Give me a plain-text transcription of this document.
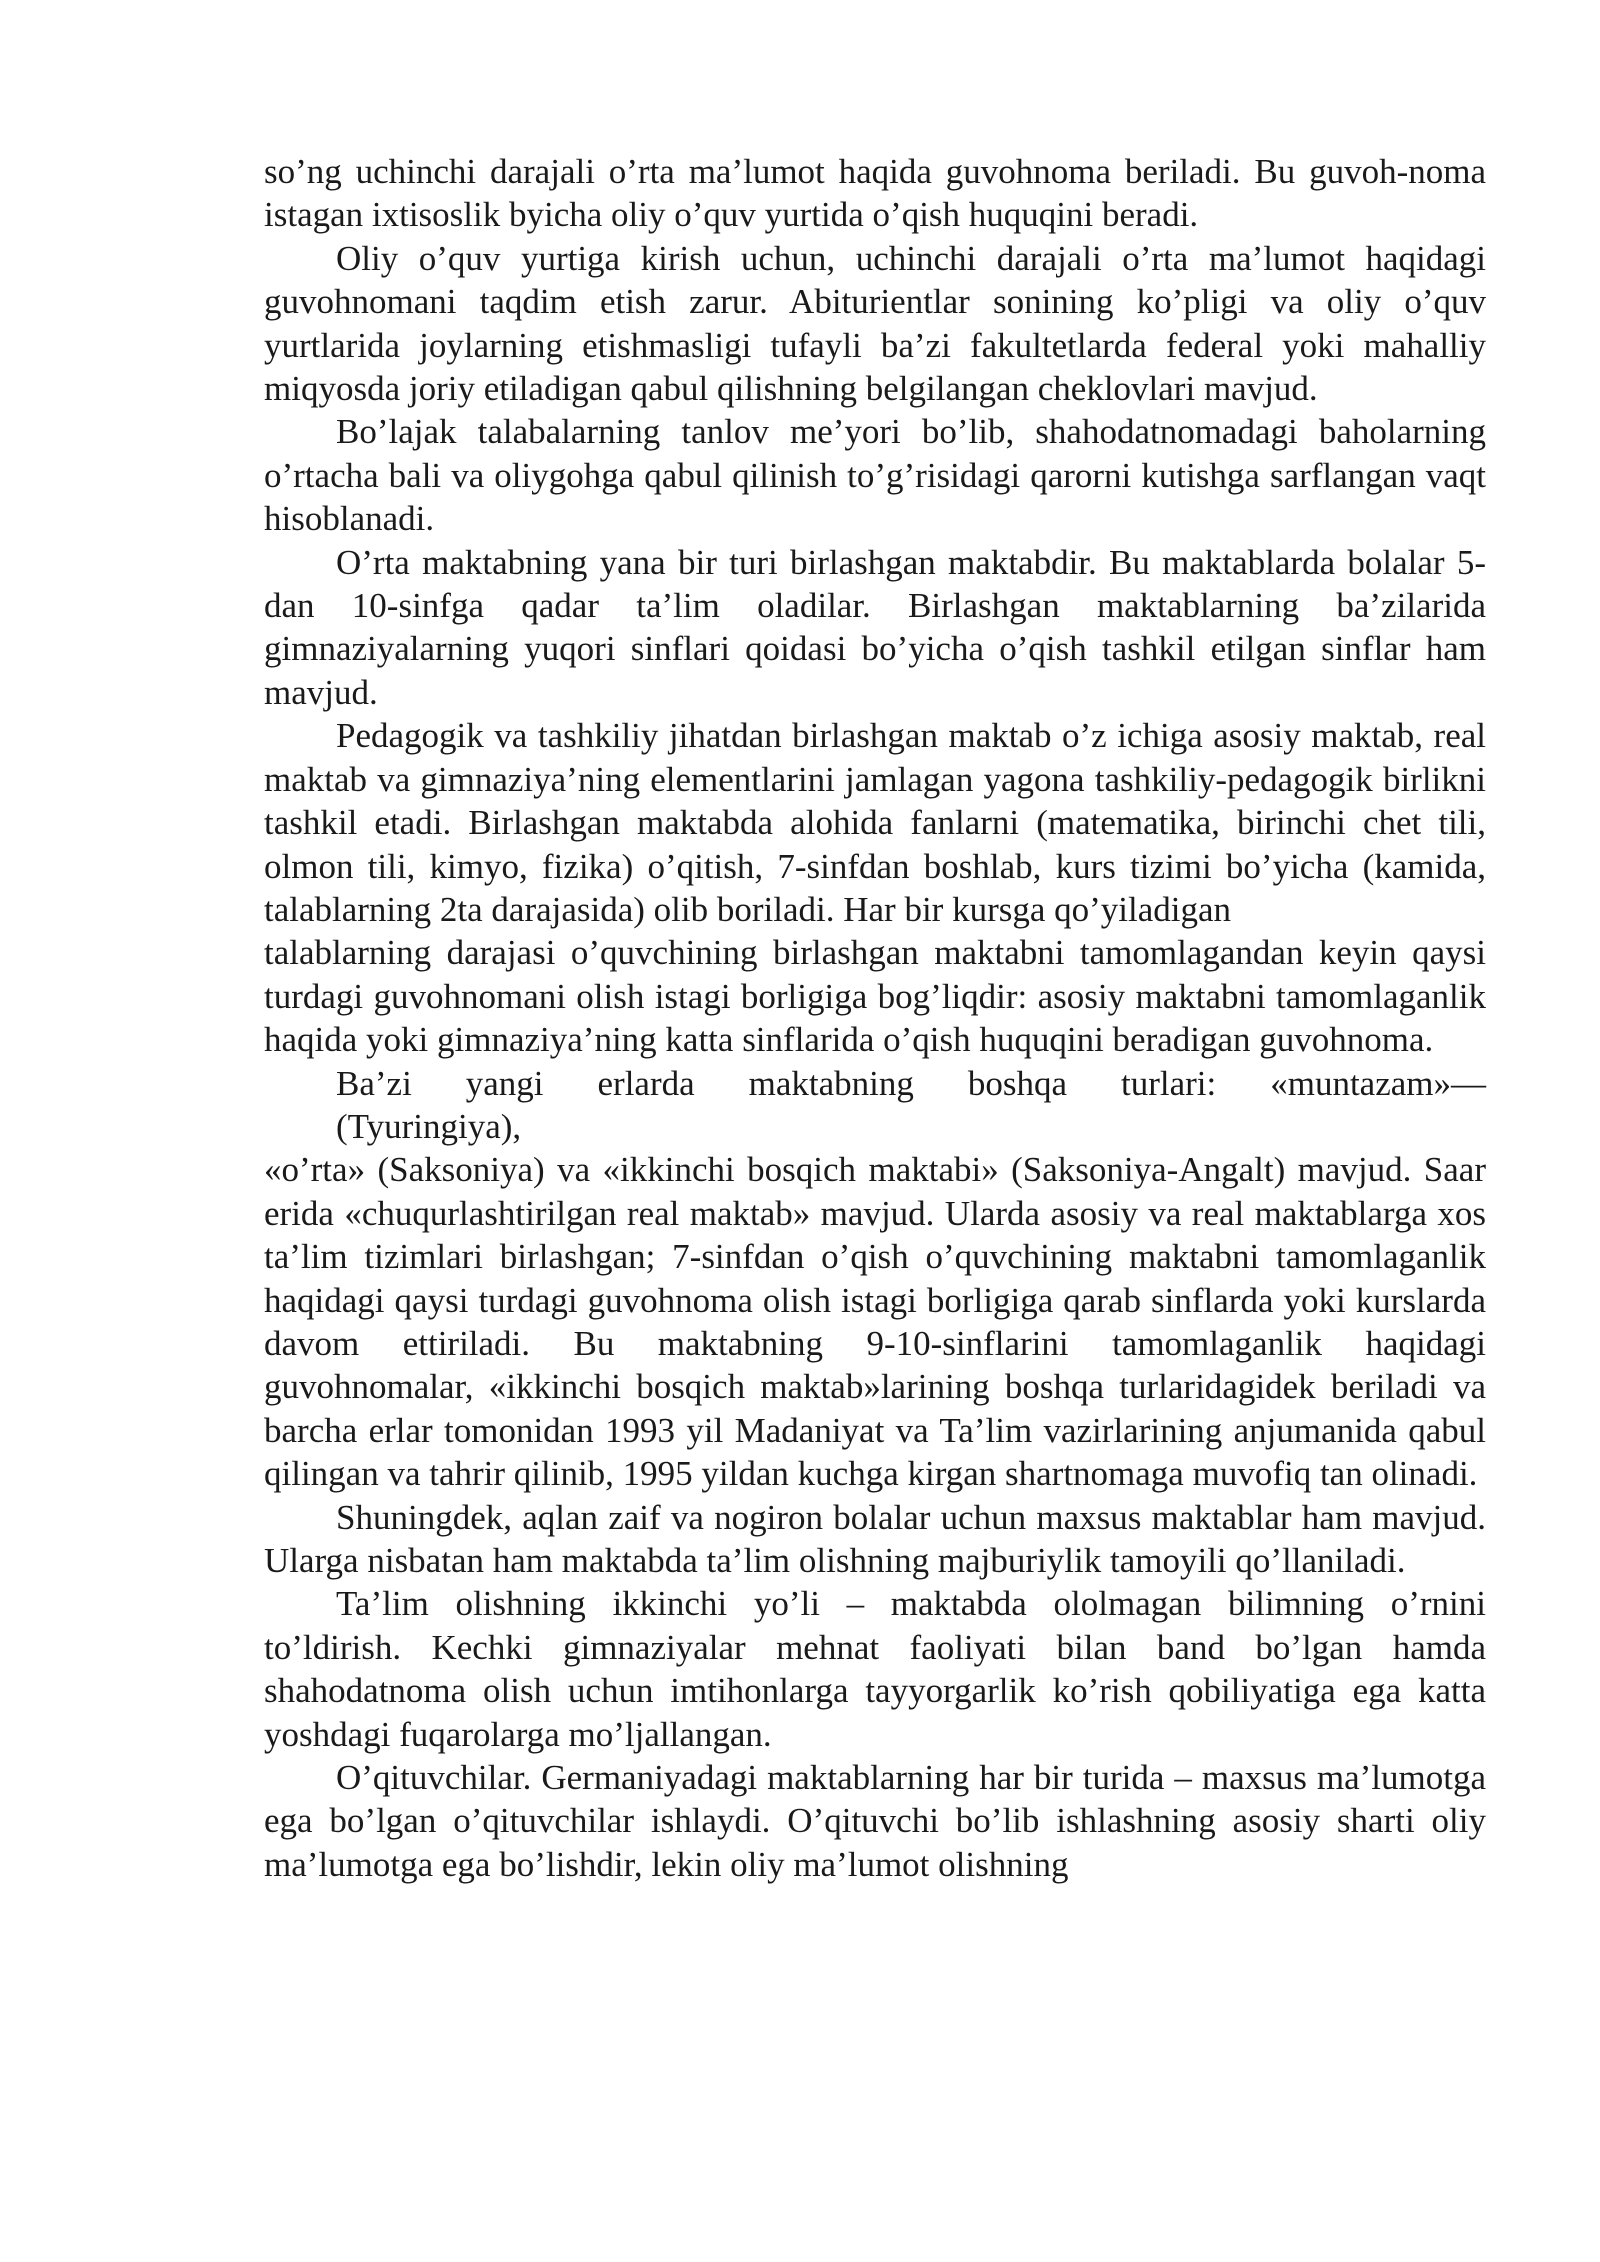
so’ng uchinchi darajali o’rta ma’lumot haqida guvohnoma beriladi. Bu guvoh-noma istagan ixtisoslik byicha oliy o’quv yurtida o’qish huquqini beradi.

Oliy o’quv yurtiga kirish uchun, uchinchi darajali o’rta ma’lumot haqidagi guvohnomani taqdim etish zarur. Abiturientlar sonining ko’pligi va oliy o’quv yurtlarida joylarning etishmasligi tufayli ba’zi fakultetlarda federal yoki mahalliy miqyosda joriy etiladigan qabul qilishning belgilangan cheklovlari mavjud.

Bo’lajak talabalarning tanlov me’yori bo’lib, shahodatnomadagi baholarning o’rtacha bali va oliygohga qabul qilinish to’g’risidagi qarorni kutishga sarflangan vaqt hisoblanadi.

O’rta maktabning yana bir turi birlashgan maktabdir. Bu maktablarda bolalar 5-dan 10-sinfga qadar ta’lim oladilar. Birlashgan maktablarning ba’zilarida gimnaziyalarning yuqori sinflari qoidasi bo’yicha o’qish tashkil etilgan sinflar ham mavjud.

Pedagogik va tashkiliy jihatdan birlashgan maktab o’z ichiga asosiy maktab, real maktab va gimnaziya’ning elementlarini jamlagan yagona tashkiliy-pedagogik birlikni tashkil etadi. Birlashgan maktabda alohida fanlarni (matematika, birinchi chet tili, olmon tili, kimyo, fizika) o’qitish, 7-sinfdan boshlab, kurs tizimi bo’yicha (kamida, talablarning 2ta darajasida) olib boriladi. Har bir kursga qo’yiladigan

talablarning darajasi o’quvchining birlashgan maktabni tamomlagandan keyin qaysi turdagi guvohnomani olish istagi borligiga bog’liqdir: asosiy maktabni tamomlaganlik haqida yoki gimnaziya’ning katta sinflarida o’qish huquqini beradigan guvohnoma.

Ba’zi yangi erlarda maktabning boshqa turlari: «muntazam»—

(Tyuringiya),

«o’rta» (Saksoniya) va «ikkinchi bosqich maktabi» (Saksoniya-Angalt) mavjud. Saar erida «chuqurlashtirilgan real maktab» mavjud. Ularda asosiy va real maktablarga xos ta’lim tizimlari birlashgan; 7-sinfdan o’qish o’quvchining maktabni tamomlaganlik haqidagi qaysi turdagi guvohnoma olish istagi borligiga qarab sinflarda yoki kurslarda davom ettiriladi. Bu maktabning 9-10-sinflarini tamomlaganlik haqidagi guvohnomalar, «ikkinchi bosqich maktab»larining boshqa turlaridagidek beriladi va barcha erlar tomonidan 1993 yil Madaniyat va Ta’lim vazirlarining anjumanida qabul qilingan va tahrir qilinib, 1995 yildan kuchga kirgan shartnomaga muvofiq tan olinadi.

Shuningdek, aqlan zaif va nogiron bolalar uchun maxsus maktablar ham mavjud. Ularga nisbatan ham maktabda ta’lim olishning majburiylik tamoyili qo’llaniladi.

Ta’lim olishning ikkinchi yo’li – maktabda ololmagan bilimning o’rnini to’ldirish. Kechki gimnaziyalar mehnat faoliyati bilan band bo’lgan hamda shahodatnoma olish uchun imtihonlarga tayyorgarlik ko’rish qobiliyatiga ega katta yoshdagi fuqarolarga mo’ljallangan.

O’qituvchilar. Germaniyadagi maktablarning har bir turida – maxsus ma’lumotga ega bo’lgan o’qituvchilar ishlaydi. O’qituvchi bo’lib ishlashning asosiy sharti oliy ma’lumotga ega bo’lishdir, lekin oliy ma’lumot olishning
